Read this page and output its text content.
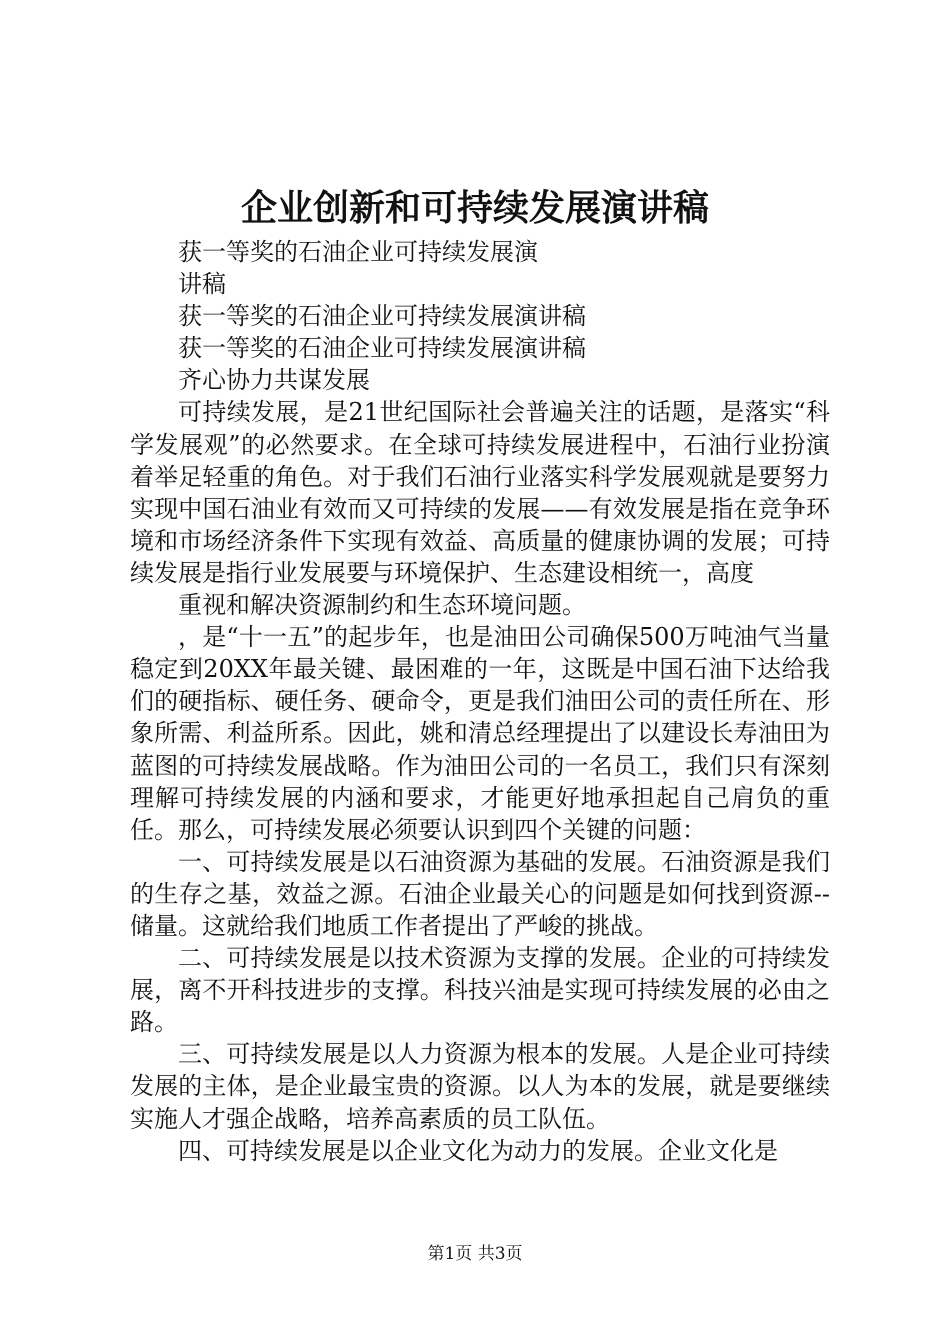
企业创新和可持续发展演讲稿

获一等奖的石油企业可持续发展演

讲稿

获一等奖的石油企业可持续发展演讲稿

获一等奖的石油企业可持续发展演讲稿

齐心协力共谋发展

可持续发展，是21世纪国际社会普遍关注的话题，是落实“科学发展观”的必然要求。在全球可持续发展进程中，石油行业扮演着举足轻重的角色。对于我们石油行业落实科学发展观就是要努力实现中国石油业有效而又可持续的发展——有效发展是指在竞争环境和市场经济条件下实现有效益、高质量的健康协调的发展；可持续发展是指行业发展要与环境保护、生态建设相统一，高度

重视和解决资源制约和生态环境问题。

，是“十一五”的起步年，也是油田公司确保500万吨油气当量稳定到20XX年最关键、最困难的一年，这既是中国石油下达给我们的硬指标、硬任务、硬命令，更是我们油田公司的责任所在、形象所需、利益所系。因此，姚和清总经理提出了以建设长寿油田为蓝图的可持续发展战略。作为油田公司的一名员工，我们只有深刻理解可持续发展的内涵和要求，才能更好地承担起自己肩负的重任。那么，可持续发展必须要认识到四个关键的问题：

一、可持续发展是以石油资源为基础的发展。石油资源是我们的生存之基，效益之源。石油企业最关心的问题是如何找到资源--储量。这就给我们地质工作者提出了严峻的挑战。

二、可持续发展是以技术资源为支撑的发展。企业的可持续发展，离不开科技进步的支撑。科技兴油是实现可持续发展的必由之路。

三、可持续发展是以人力资源为根本的发展。人是企业可持续发展的主体，是企业最宝贵的资源。以人为本的发展，就是要继续实施人才强企战略，培养高素质的员工队伍。

四、可持续发展是以企业文化为动力的发展。企业文化是

第1页 共3页
